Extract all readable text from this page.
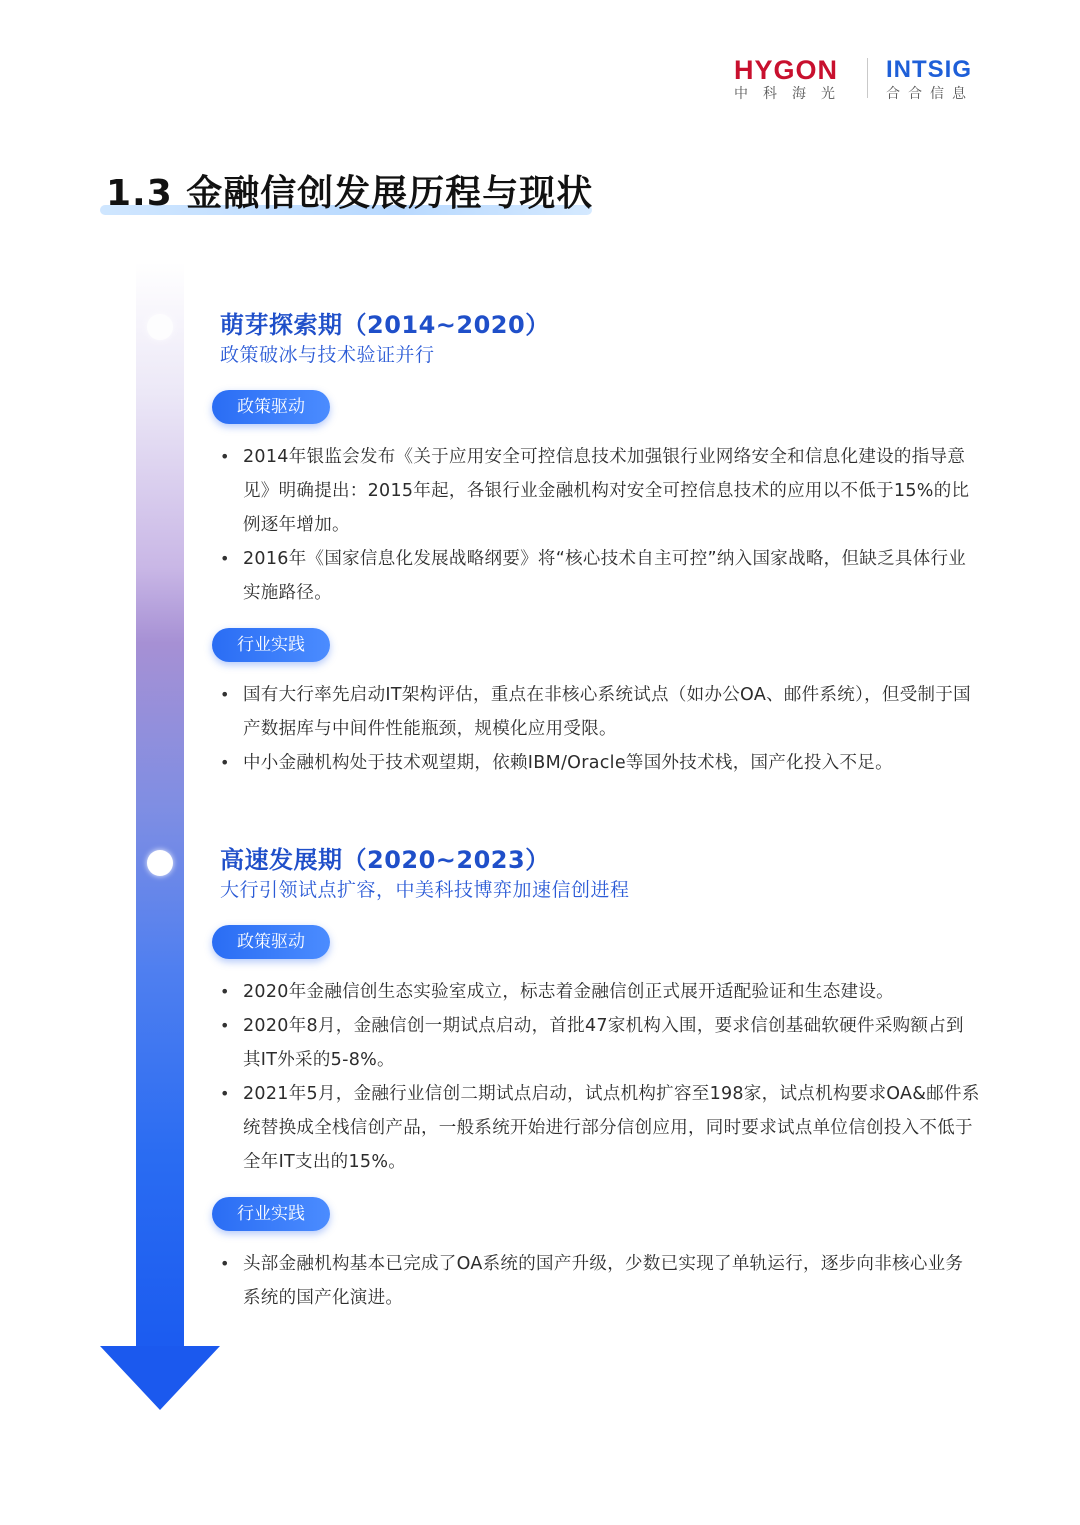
HYGON
中科海光
INTSIG
合合信息
1.3 金融信创发展历程与现状
萌芽探索期（2014~2020）

政策破冰与技术验证并行

政策驱动
• 2014年银监会发布《关于应用安全可控信息技术加强银行业网络安全和信息化建设的指导意见》明确提出：2015年起，各银行业金融机构对安全可控信息技术的应用以不低于15%的比例逐年增加。
• 2016年《国家信息化发展战略纲要》将“核心技术自主可控”纳入国家战略，但缺乏具体行业实施路径。
行业实践
• 国有大行率先启动IT架构评估，重点在非核心系统试点（如办公OA、邮件系统），但受制于国产数据库与中间件性能瓶颈，规模化应用受限。
• 中小金融机构处于技术观望期，依赖IBM/Oracle等国外技术栈，国产化投入不足。
高速发展期（2020~2023）

大行引领试点扩容，中美科技博弈加速信创进程

政策驱动
• 2020年金融信创生态实验室成立，标志着金融信创正式展开适配验证和生态建设。
• 2020年8月，金融信创一期试点启动，首批47家机构入围，要求信创基础软硬件采购额占到其IT外采的5-8%。
• 2021年5月，金融行业信创二期试点启动，试点机构扩容至198家，试点机构要求OA&邮件系统替换成全栈信创产品，一般系统开始进行部分信创应用，同时要求试点单位信创投入不低于全年IT支出的15%。
行业实践
• 头部金融机构基本已完成了OA系统的国产升级，少数已实现了单轨运行，逐步向非核心业务系统的国产化演进。
